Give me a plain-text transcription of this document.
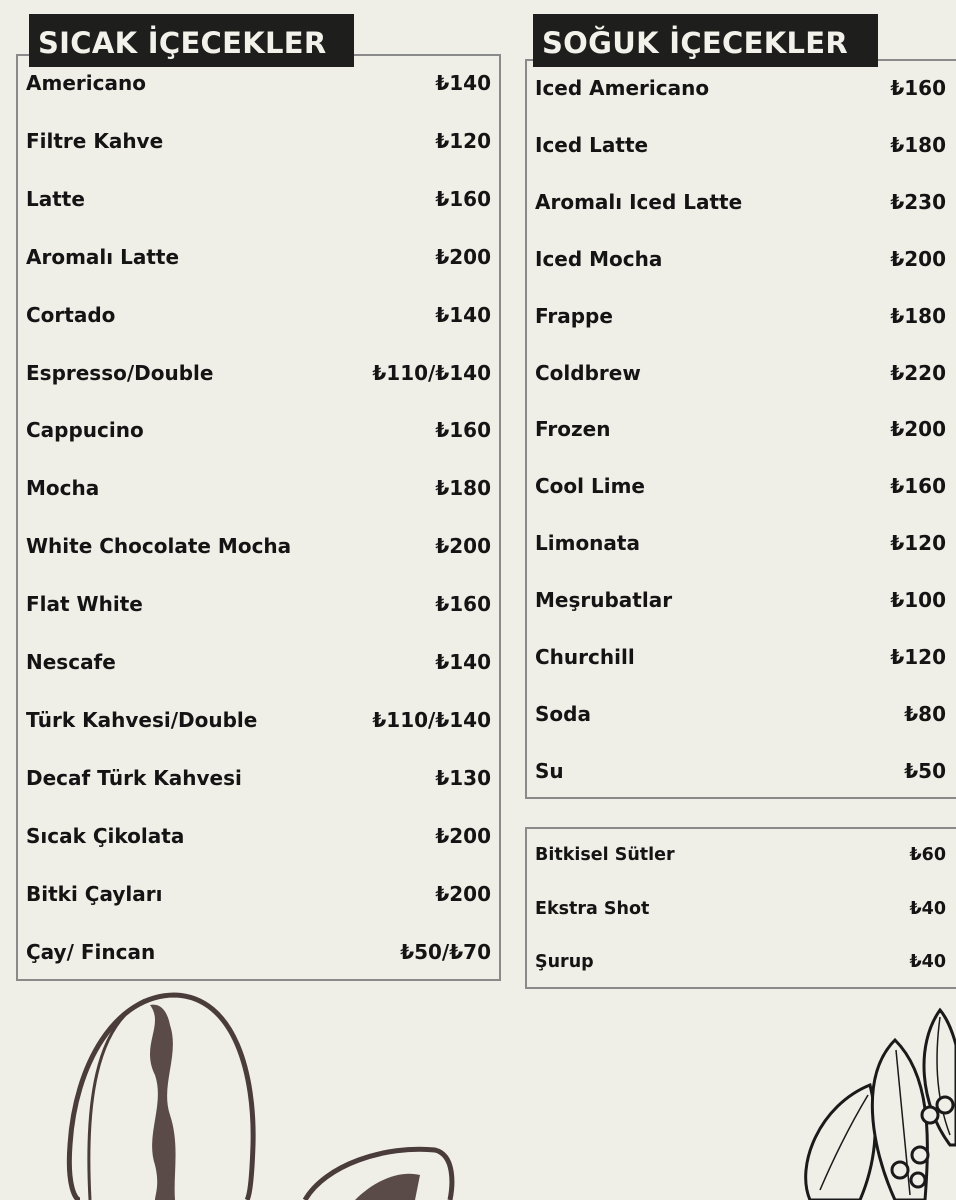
Americano	₺140
Filtre Kahve	₺120
Latte	₺160
Aromalı Latte	₺200
Cortado	₺140
Espresso/Double	₺110/₺140
Cappucino	₺160
Mocha	₺180
White Chocolate Mocha	₺200
Flat White	₺160
Nescafe	₺140
Türk Kahvesi/Double	₺110/₺140
Decaf Türk Kahvesi	₺130
Sıcak Çikolata	₺200
Bitki Çayları	₺200
Çay/ Fincan	₺50/₺70
SICAK İÇECEKLER
Iced Americano	₺160
Iced Latte	₺180
Aromalı Iced Latte	₺230
Iced Mocha	₺200
Frappe	₺180
Coldbrew	₺220
Frozen	₺200
Cool Lime	₺160
Limonata	₺120
Meşrubatlar	₺100
Churchill	₺120
Soda	₺80
Su	₺50
SOĞUK İÇECEKLER
Bitkisel Sütler	₺60
Ekstra Shot	₺40
Şurup	₺40
